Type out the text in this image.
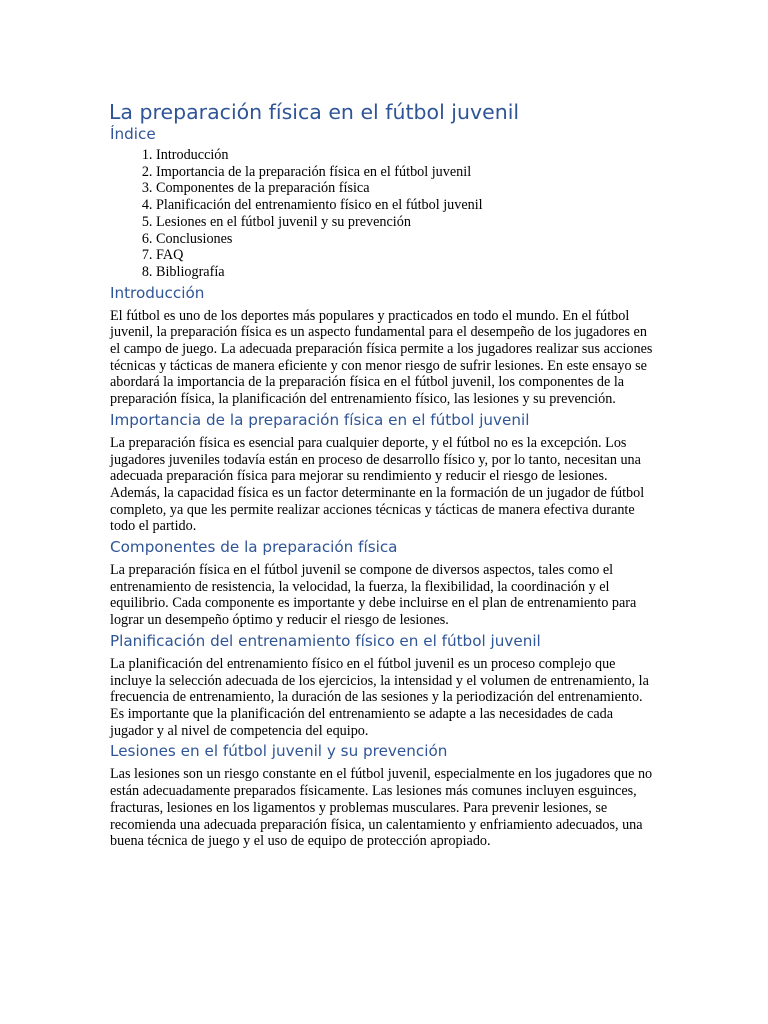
La preparación física en el fútbol juvenil
Índice
1. Introducción
2. Importancia de la preparación física en el fútbol juvenil
3. Componentes de la preparación física
4. Planificación del entrenamiento físico en el fútbol juvenil
5. Lesiones en el fútbol juvenil y su prevención
6. Conclusiones
7. FAQ
8. Bibliografía
Introducción

El fútbol es uno de los deportes más populares y practicados en todo el mundo. En el fútbol juvenil, la preparación física es un aspecto fundamental para el desempeño de los jugadores en el campo de juego. La adecuada preparación física permite a los jugadores realizar sus acciones técnicas y tácticas de manera eficiente y con menor riesgo de sufrir lesiones. En este ensayo se abordará la importancia de la preparación física en el fútbol juvenil, los componentes de la preparación física, la planificación del entrenamiento físico, las lesiones y su prevención.

Importancia de la preparación física en el fútbol juvenil

La preparación física es esencial para cualquier deporte, y el fútbol no es la excepción. Los jugadores juveniles todavía están en proceso de desarrollo físico y, por lo tanto, necesitan una adecuada preparación física para mejorar su rendimiento y reducir el riesgo de lesiones. Además, la capacidad física es un factor determinante en la formación de un jugador de fútbol completo, ya que les permite realizar acciones técnicas y tácticas de manera efectiva durante todo el partido.

Componentes de la preparación física

La preparación física en el fútbol juvenil se compone de diversos aspectos, tales como el entrenamiento de resistencia, la velocidad, la fuerza, la flexibilidad, la coordinación y el equilibrio. Cada componente es importante y debe incluirse en el plan de entrenamiento para lograr un desempeño óptimo y reducir el riesgo de lesiones.

Planificación del entrenamiento físico en el fútbol juvenil

La planificación del entrenamiento físico en el fútbol juvenil es un proceso complejo que incluye la selección adecuada de los ejercicios, la intensidad y el volumen de entrenamiento, la frecuencia de entrenamiento, la duración de las sesiones y la periodización del entrenamiento. Es importante que la planificación del entrenamiento se adapte a las necesidades de cada jugador y al nivel de competencia del equipo.

Lesiones en el fútbol juvenil y su prevención

Las lesiones son un riesgo constante en el fútbol juvenil, especialmente en los jugadores que no están adecuadamente preparados físicamente. Las lesiones más comunes incluyen esguinces, fracturas, lesiones en los ligamentos y problemas musculares. Para prevenir lesiones, se recomienda una adecuada preparación física, un calentamiento y enfriamiento adecuados, una buena técnica de juego y el uso de equipo de protección apropiado.
